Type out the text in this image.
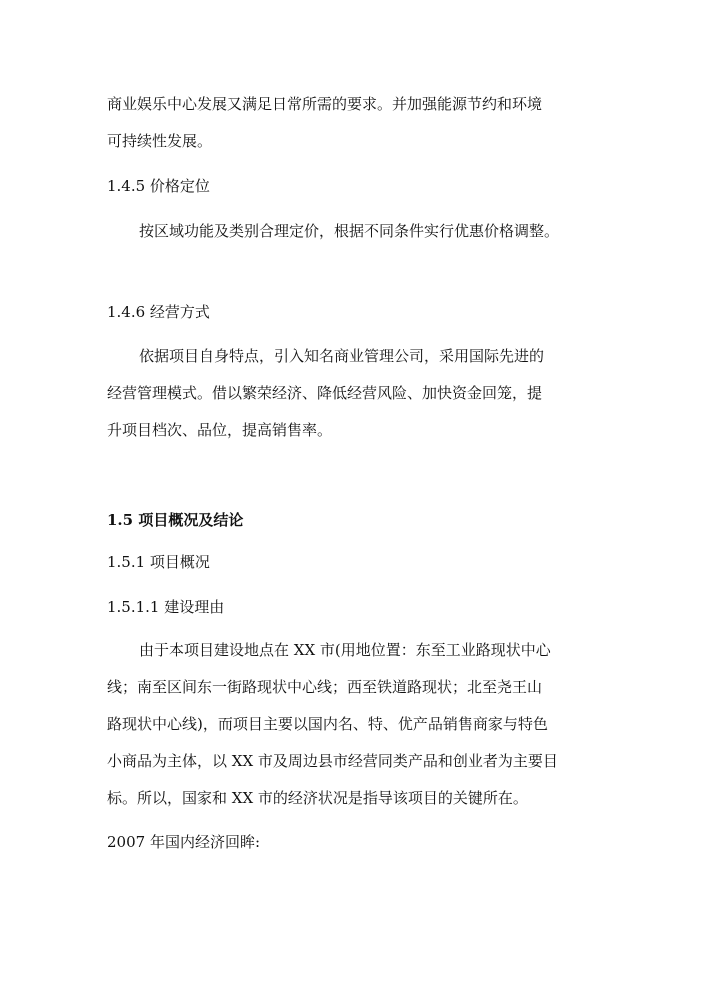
商业娱乐中心发展又满足日常所需的要求。并加强能源节约和环境
可持续性发展。
1.4.5 价格定位
按区域功能及类别合理定价，根据不同条件实行优惠价格调整。
1.4.6 经营方式
依据项目自身特点，引入知名商业管理公司，采用国际先进的
经营管理模式。借以繁荣经济、降低经营风险、加快资金回笼，提
升项目档次、品位，提高销售率。
1.5 项目概况及结论
1.5.1 项目概况
1.5.1.1 建设理由
由于本项目建设地点在 XX 市(用地位置：东至工业路现状中心
线；南至区间东一街路现状中心线；西至铁道路现状；北至尧王山
路现状中心线)，而项目主要以国内名、特、优产品销售商家与特色
小商品为主体，以 XX 市及周边县市经营同类产品和创业者为主要目
标。所以，国家和 XX 市的经济状况是指导该项目的关键所在。
2007 年国内经济回眸:
